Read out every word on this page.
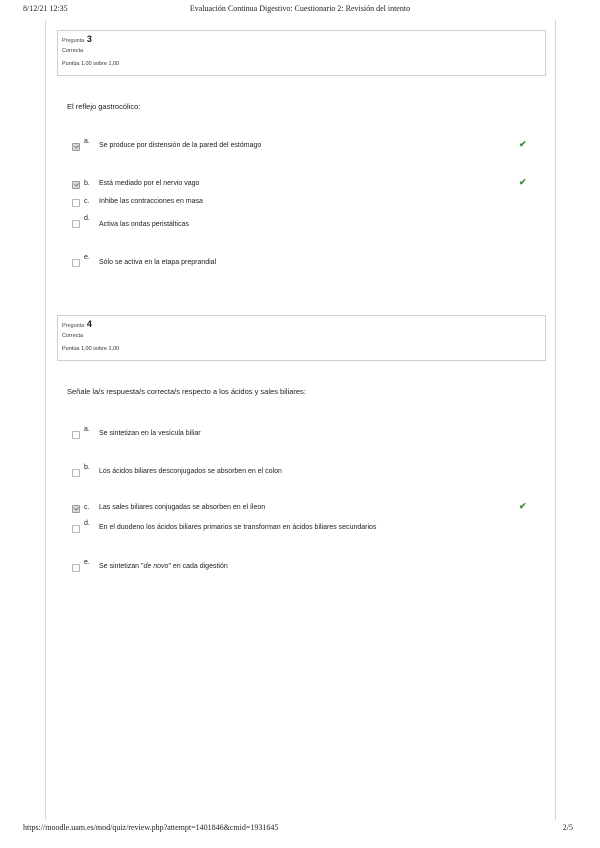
8/12/21 12:35	Evaluación Continua Digestivo: Cuestionario 2: Revisión del intento
Pregunta 3
Correcta
Puntúa 1,00 sobre 1,00
El reflejo gastrocólico:
a.
Se produce por distensión de la pared del estómago	✔
b. Está mediado por el nervio vago	✔
c. Inhibe las contracciones en masa
d.
Activa las ondas peristálticas
e.
Sólo se activa en la etapa preprandial
Pregunta 4
Correcta
Puntúa 1,00 sobre 1,00
Señale la/s respuesta/s correcta/s respecto a los ácidos y sales biliares:
a.
Se sintetizan en la vesícula biliar
b.
Los ácidos biliares desconjugados se absorben en el colon
c. Las sales biliares conjugadas se absorben en el íleon	✔
d.
En el duodeno los ácidos biliares primarios se transforman en ácidos biliares secundarios
e.
Se sintetizan "de novo" en cada digestión
https://moodle.uam.es/mod/quiz/review.php?attempt=1401846&cmid=1931645	2/5
